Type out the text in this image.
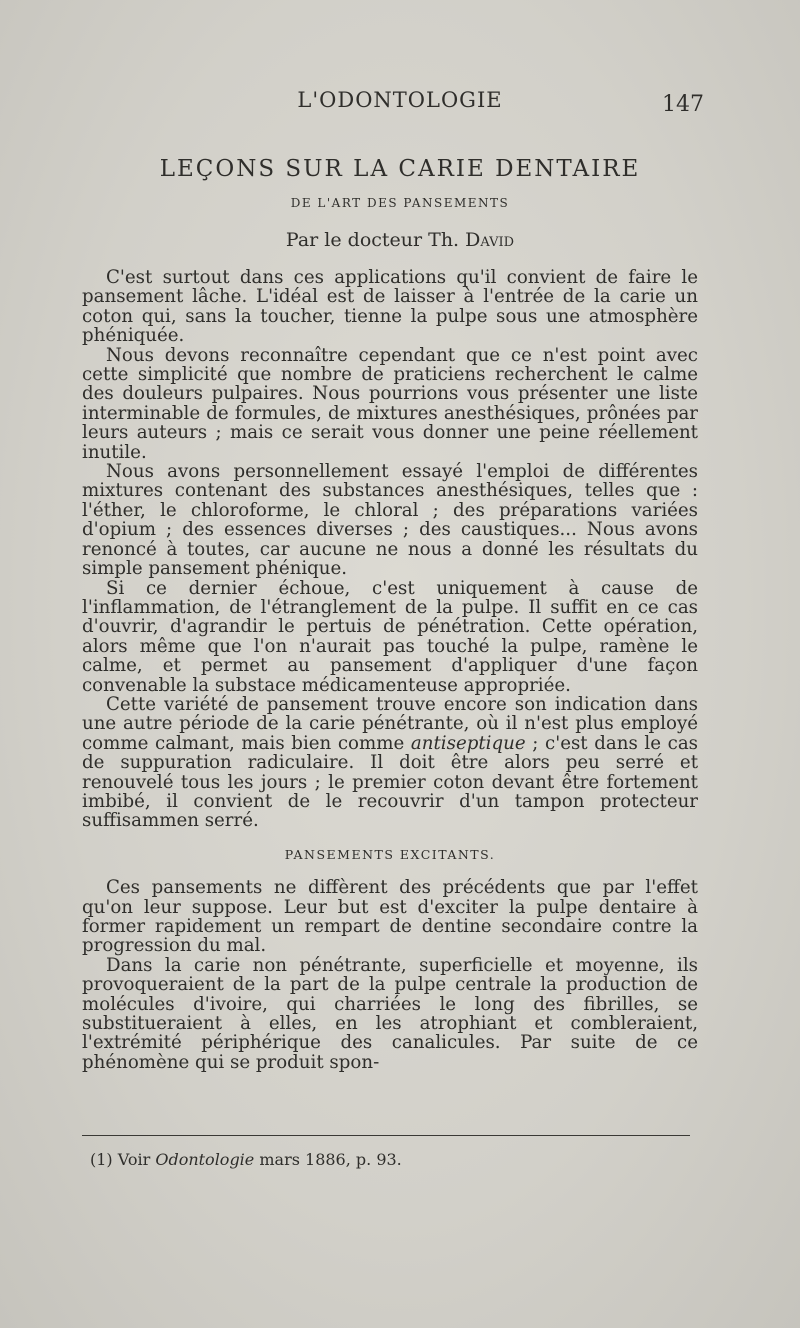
L'ODONTOLOGIE	147
LEÇONS SUR LA CARIE DENTAIRE
DE L'ART DES PANSEMENTS
Par le docteur Th. David

C'est surtout dans ces applications qu'il convient de faire le pansement lâche. L'idéal est de laisser à l'entrée de la carie un coton qui, sans la toucher, tienne la pulpe sous une atmosphère phéniquée.

Nous devons reconnaître cependant que ce n'est point avec cette simplicité que nombre de praticiens recherchent le calme des douleurs pulpaires. Nous pourrions vous présenter une liste interminable de formules, de mixtures anesthésiques, prônées par leurs auteurs ; mais ce serait vous donner une peine réellement inutile.

Nous avons personnellement essayé l'emploi de différentes mixtures contenant des substances anesthésiques, telles que : l'éther, le chloroforme, le chloral ; des préparations variées d'opium ; des essences diverses ; des caustiques... Nous avons renoncé à toutes, car aucune ne nous a donné les résultats du simple pansement phénique.

Si ce dernier échoue, c'est uniquement à cause de l'inflammation, de l'étranglement de la pulpe. Il suffit en ce cas d'ouvrir, d'agrandir le pertuis de pénétration. Cette opération, alors même que l'on n'aurait pas touché la pulpe, ramène le calme, et permet au pansement d'appliquer d'une façon convenable la substace médicamenteuse appropriée.

Cette variété de pansement trouve encore son indication dans une autre période de la carie pénétrante, où il n'est plus employé comme calmant, mais bien comme antiseptique ; c'est dans le cas de suppuration radiculaire. Il doit être alors peu serré et renouvelé tous les jours ; le premier coton devant être fortement imbibé, il convient de le recouvrir d'un tampon protecteur suffisammen serré.

PANSEMENTS EXCITANTS.

Ces pansements ne diffèrent des précédents que par l'effet qu'on leur suppose. Leur but est d'exciter la pulpe dentaire à former rapidement un rempart de dentine secondaire contre la progression du mal.

Dans la carie non pénétrante, superficielle et moyenne, ils provoqueraient de la part de la pulpe centrale la production de molécules d'ivoire, qui charriées le long des fibrilles, se substitueraient à elles, en les atrophiant et combleraient, l'extrémité périphérique des canalicules. Par suite de ce phénomène qui se produit spon-

(1) Voir Odontologie mars 1886, p. 93.
